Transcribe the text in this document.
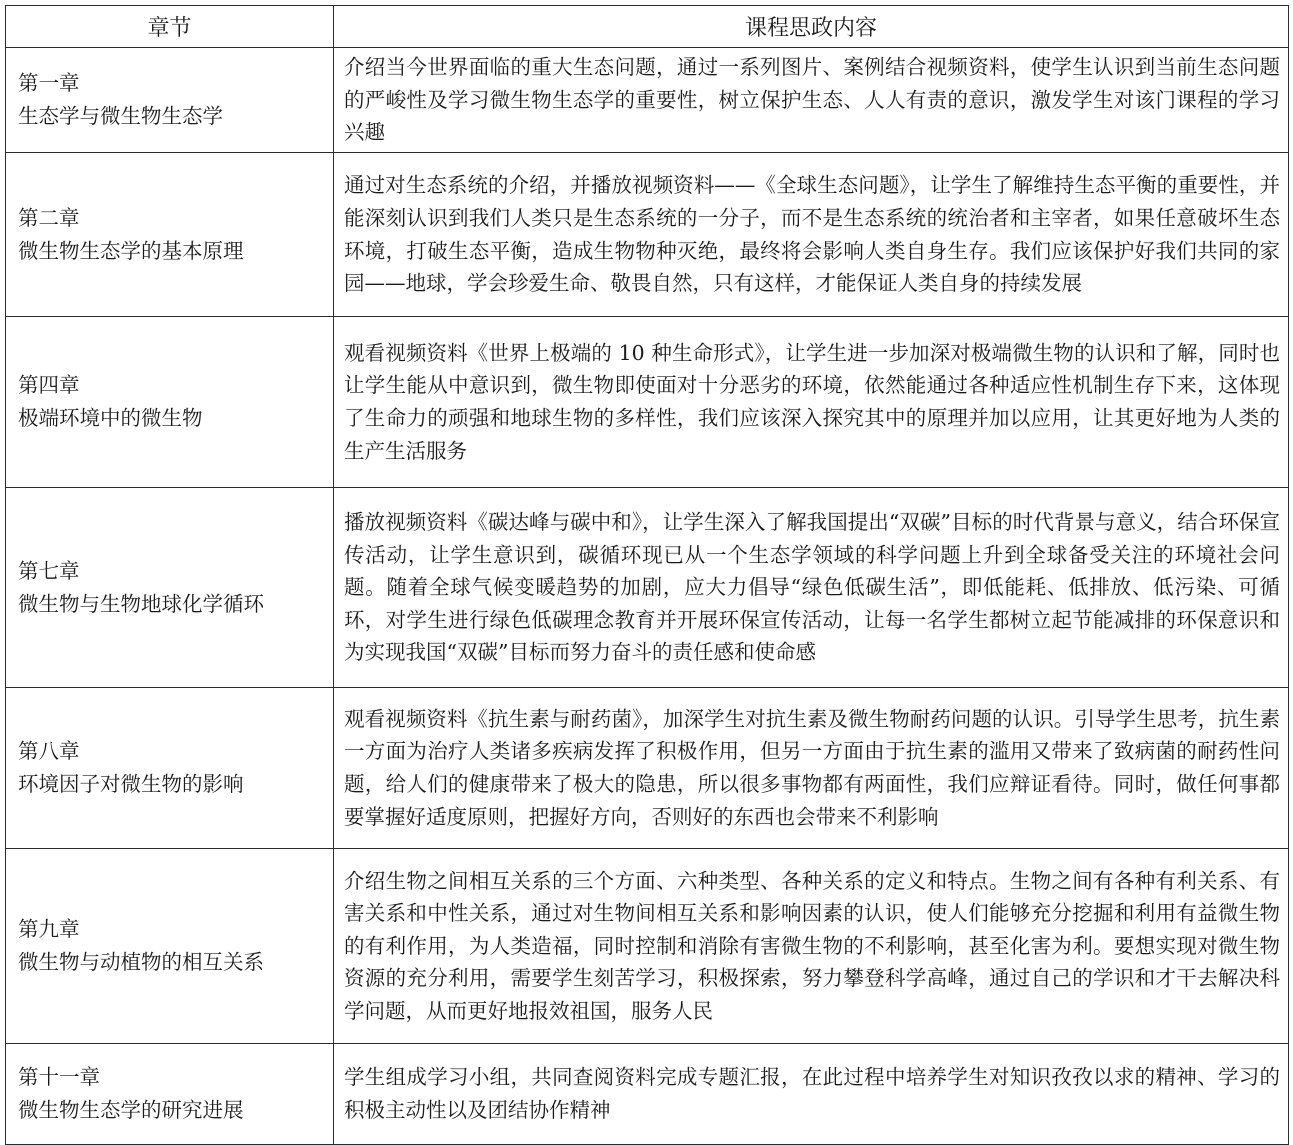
章节	课程思政内容

第一章
生态学与微生物生态学	介绍当今世界面临的重大生态问题，通过一系列图片、案例结合视频资料，使学生认识到当前生态问题的严峻性及学习微生物生态学的重要性，树立保护生态、人人有责的意识，激发学生对该门课程的学习兴趣

第二章
微生物生态学的基本原理	通过对生态系统的介绍，并播放视频资料——《全球生态问题》，让学生了解维持生态平衡的重要性，并能深刻认识到我们人类只是生态系统的一分子，而不是生态系统的统治者和主宰者，如果任意破坏生态环境，打破生态平衡，造成生物物种灭绝，最终将会影响人类自身生存。我们应该保护好我们共同的家园——地球，学会珍爱生命、敬畏自然，只有这样，才能保证人类自身的持续发展

第四章
极端环境中的微生物	观看视频资料《世界上极端的 10 种生命形式》，让学生进一步加深对极端微生物的认识和了解，同时也让学生能从中意识到，微生物即使面对十分恶劣的环境，依然能通过各种适应性机制生存下来，这体现了生命力的顽强和地球生物的多样性，我们应该深入探究其中的原理并加以应用，让其更好地为人类的生产生活服务

第七章
微生物与生物地球化学循环	播放视频资料《碳达峰与碳中和》，让学生深入了解我国提出“双碳”目标的时代背景与意义，结合环保宣传活动，让学生意识到，碳循环现已从一个生态学领域的科学问题上升到全球备受关注的环境社会问题。随着全球气候变暖趋势的加剧，应大力倡导“绿色低碳生活”，即低能耗、低排放、低污染、可循环，对学生进行绿色低碳理念教育并开展环保宣传活动，让每一名学生都树立起节能减排的环保意识和为实现我国“双碳”目标而努力奋斗的责任感和使命感

第八章
环境因子对微生物的影响	观看视频资料《抗生素与耐药菌》，加深学生对抗生素及微生物耐药问题的认识。引导学生思考，抗生素一方面为治疗人类诸多疾病发挥了积极作用，但另一方面由于抗生素的滥用又带来了致病菌的耐药性问题，给人们的健康带来了极大的隐患，所以很多事物都有两面性，我们应辩证看待。同时，做任何事都要掌握好适度原则，把握好方向，否则好的东西也会带来不利影响

第九章
微生物与动植物的相互关系	介绍生物之间相互关系的三个方面、六种类型、各种关系的定义和特点。生物之间有各种有利关系、有害关系和中性关系，通过对生物间相互关系和影响因素的认识，使人们能够充分挖掘和利用有益微生物的有利作用，为人类造福，同时控制和消除有害微生物的不利影响，甚至化害为利。要想实现对微生物资源的充分利用，需要学生刻苦学习，积极探索，努力攀登科学高峰，通过自己的学识和才干去解决科学问题，从而更好地报效祖国，服务人民

第十一章
微生物生态学的研究进展	学生组成学习小组，共同查阅资料完成专题汇报，在此过程中培养学生对知识孜孜以求的精神、学习的积极主动性以及团结协作精神
